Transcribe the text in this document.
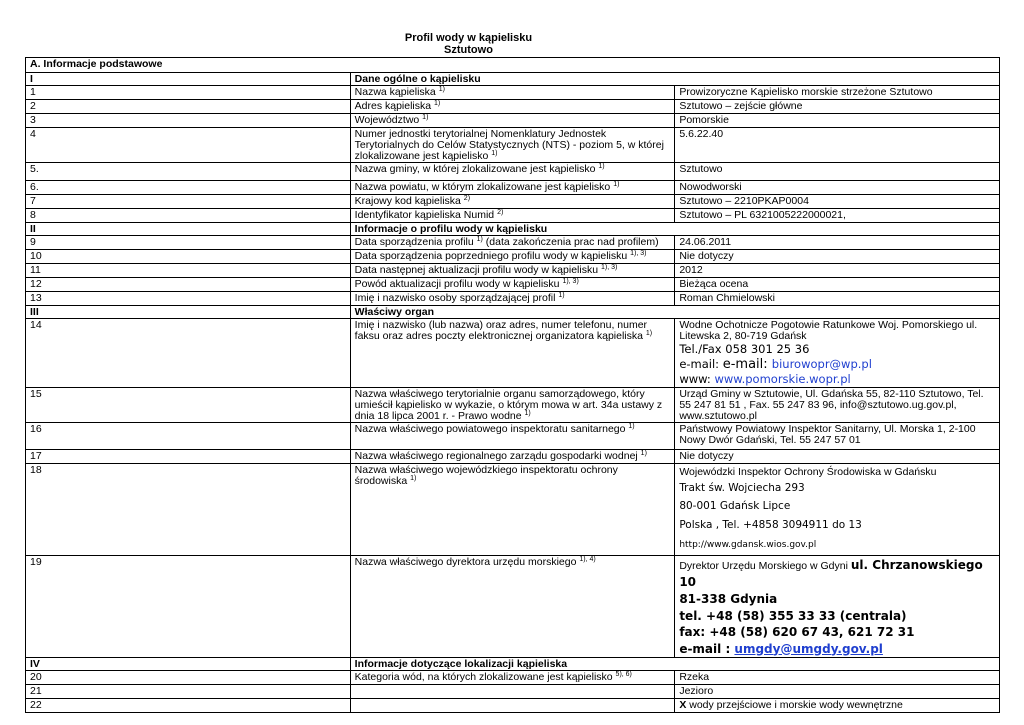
Profil wody w kąpielisku
Sztutowo
A. Informacje podstawowe		
I	Dane ogólne o kąpielisku	
1	Nazwa kąpieliska $^{1)}$	Prowizoryczne Kąpielisko morskie strzeżone Sztutowo
2	Adres kąpieliska $^{1)}$	Sztutowo – zejście główne
3	Województwo $^{1)}$	Pomorskie
4	Numer jednostki terytorialnej Nomenklatury Jednostek Terytorialnych do Celów Statystycznych (NTS) - poziom 5, w której zlokalizowane jest kąpielisko $^{1)}$	5.6.22.40
5.	Nazwa gminy, w której zlokalizowane jest kąpielisko $^{1)}$	Sztutowo
6.	Nazwa powiatu, w którym zlokalizowane jest kąpielisko $^{1)}$	Nowodworski
7	Krajowy kod kąpieliska $^{2)}$	Sztutowo – 2210PKAP0004
8	Identyfikator kąpieliska Numid $^{2)}$	Sztutowo – PL 6321005222000021,
II	Informacje o profilu wody w kąpielisku	
9	Data sporządzenia profilu $^{1)}$ (data zakończenia prac nad profilem)	24.06.2011
10	Data sporządzenia poprzedniego profilu wody w kąpielisku $^{1), 3)}$	Nie dotyczy
11	Data następnej aktualizacji profilu wody w kąpielisku $^{1), 3)}$	2012
12	Powód aktualizacji profilu wody w kąpielisku $^{1), 3)}$	Bieżąca ocena
13	Imię i nazwisko osoby sporządzającej profil $^{1)}$	Roman Chmielowski
III	Właściwy organ	
14	Imię i nazwisko (lub nazwa) oraz adres, numer telefonu, numer faksu oraz adres poczty elektronicznej organizatora kąpieliska $^{1)}$	Wodne Ochotnicze Pogotowie Ratunkowe Woj. Pomorskiego ul. Litewska 2, 80-719 Gdańsk
Tel./Fax 058 301 25 36
e-mail: e-mail: biurowopr@wp.pl
www: www.pomorskie.wopr.pl

15	Nazwa właściwego terytorialnie organu samorządowego, który umieścił kąpielisko w wykazie, o którym mowa w art. 34a ustawy z dnia 18 lipca 2001 r. - Prawo wodne $^{1)}$	Urząd Gminy w Sztutowie, Ul. Gdańska 55, 82-110 Sztutowo, Tel. 55 247 81 51 , Fax. 55 247 83 96, info@sztutowo.ug.gov.pl, www.sztutowo.pl
16	Nazwa właściwego powiatowego inspektoratu sanitarnego $^{1)}$	Państwowy Powiatowy Inspektor Sanitarny, Ul. Morska 1, 2-100 Nowy Dwór Gdański, Tel. 55 247 57 01
17	Nazwa właściwego regionalnego zarządu gospodarki wodnej $^{1)}$	Nie dotyczy
18	Nazwa właściwego wojewódzkiego inspektoratu ochrony środowiska $^{1)}$	Wojewódzki Inspektor Ochrony Środowiska w Gdańsku
Trakt św. Wojciecha 293
80-001 Gdańsk Lipce
Polska , Tel. +4858 3094911 do 13 http://www.gdansk.wios.gov.pl

19	Nazwa właściwego dyrektora urzędu morskiego $^{1), 4)}$	Dyrektor Urzędu Morskiego w Gdyni ul. Chrzanowskiego 10
81-338 Gdynia
tel. +48 (58) 355 33 33 (centrala)
fax: +48 (58) 620 67 43, 621 72 31
e-mail : umgdy@umgdy.gov.pl

IV	Informacje dotyczące lokalizacji kąpieliska	
20	Kategoria wód, na których zlokalizowane jest kąpielisko $^{5), 6)}$	Rzeka
21		Jezioro
22		X wody przejściowe i morskie wody wewnętrzne
